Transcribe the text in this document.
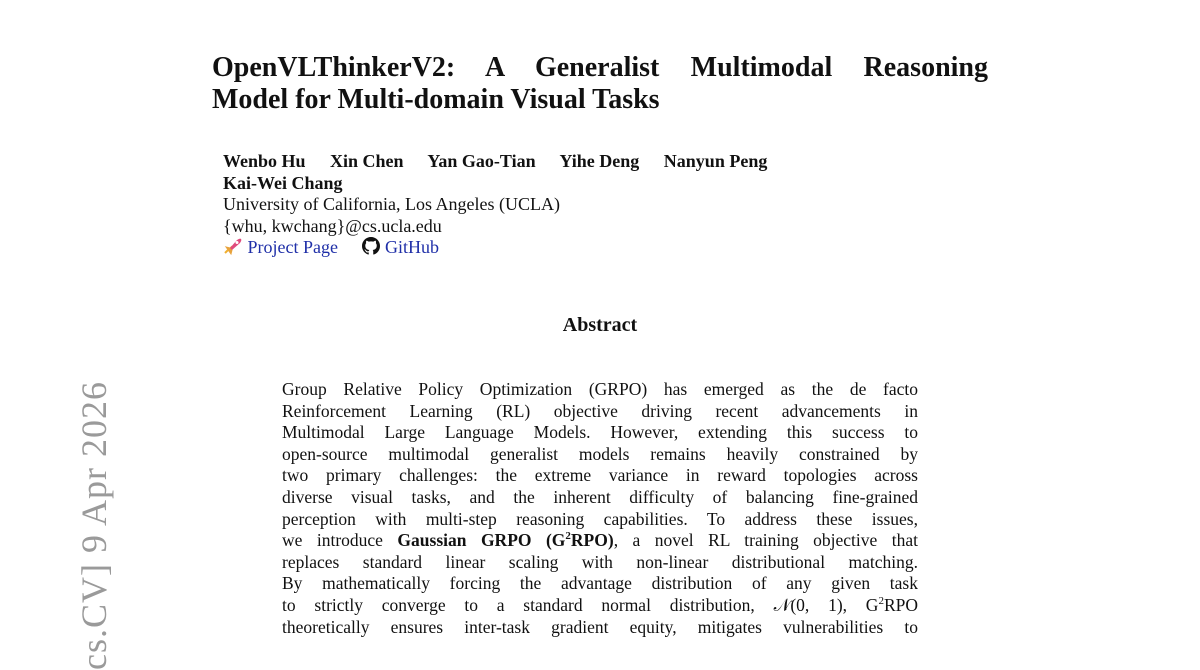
cs.CV] 9 Apr 2026
OpenVLThinkerV2: A Generalist Multimodal Reasoning
Model for Multi-domain Visual Tasks
Wenbo Hu Xin Chen Yan Gao-Tian Yihe Deng Nanyun Peng
Kai-Wei Chang
University of California, Los Angeles (UCLA)
{whu, kwchang}@cs.ucla.edu
Project Page	GitHub
Abstract
Group Relative Policy Optimization (GRPO) has emerged as the de facto
Reinforcement Learning (RL) objective driving recent advancements in
Multimodal Large Language Models. However, extending this success to
open-source multimodal generalist models remains heavily constrained by
two primary challenges: the extreme variance in reward topologies across
diverse visual tasks, and the inherent difficulty of balancing fine-grained
perception with multi-step reasoning capabilities. To address these issues,
we introduce Gaussian GRPO $(G^2RPO)$, a novel RL training objective that
replaces standard linear scaling with non-linear distributional matching.
By mathematically forcing the advantage distribution of any given task
to strictly converge to a standard normal distribution, 𝒩(0, 1), $G^2RPO$
theoretically ensures inter-task gradient equity, mitigates vulnerabilities to
